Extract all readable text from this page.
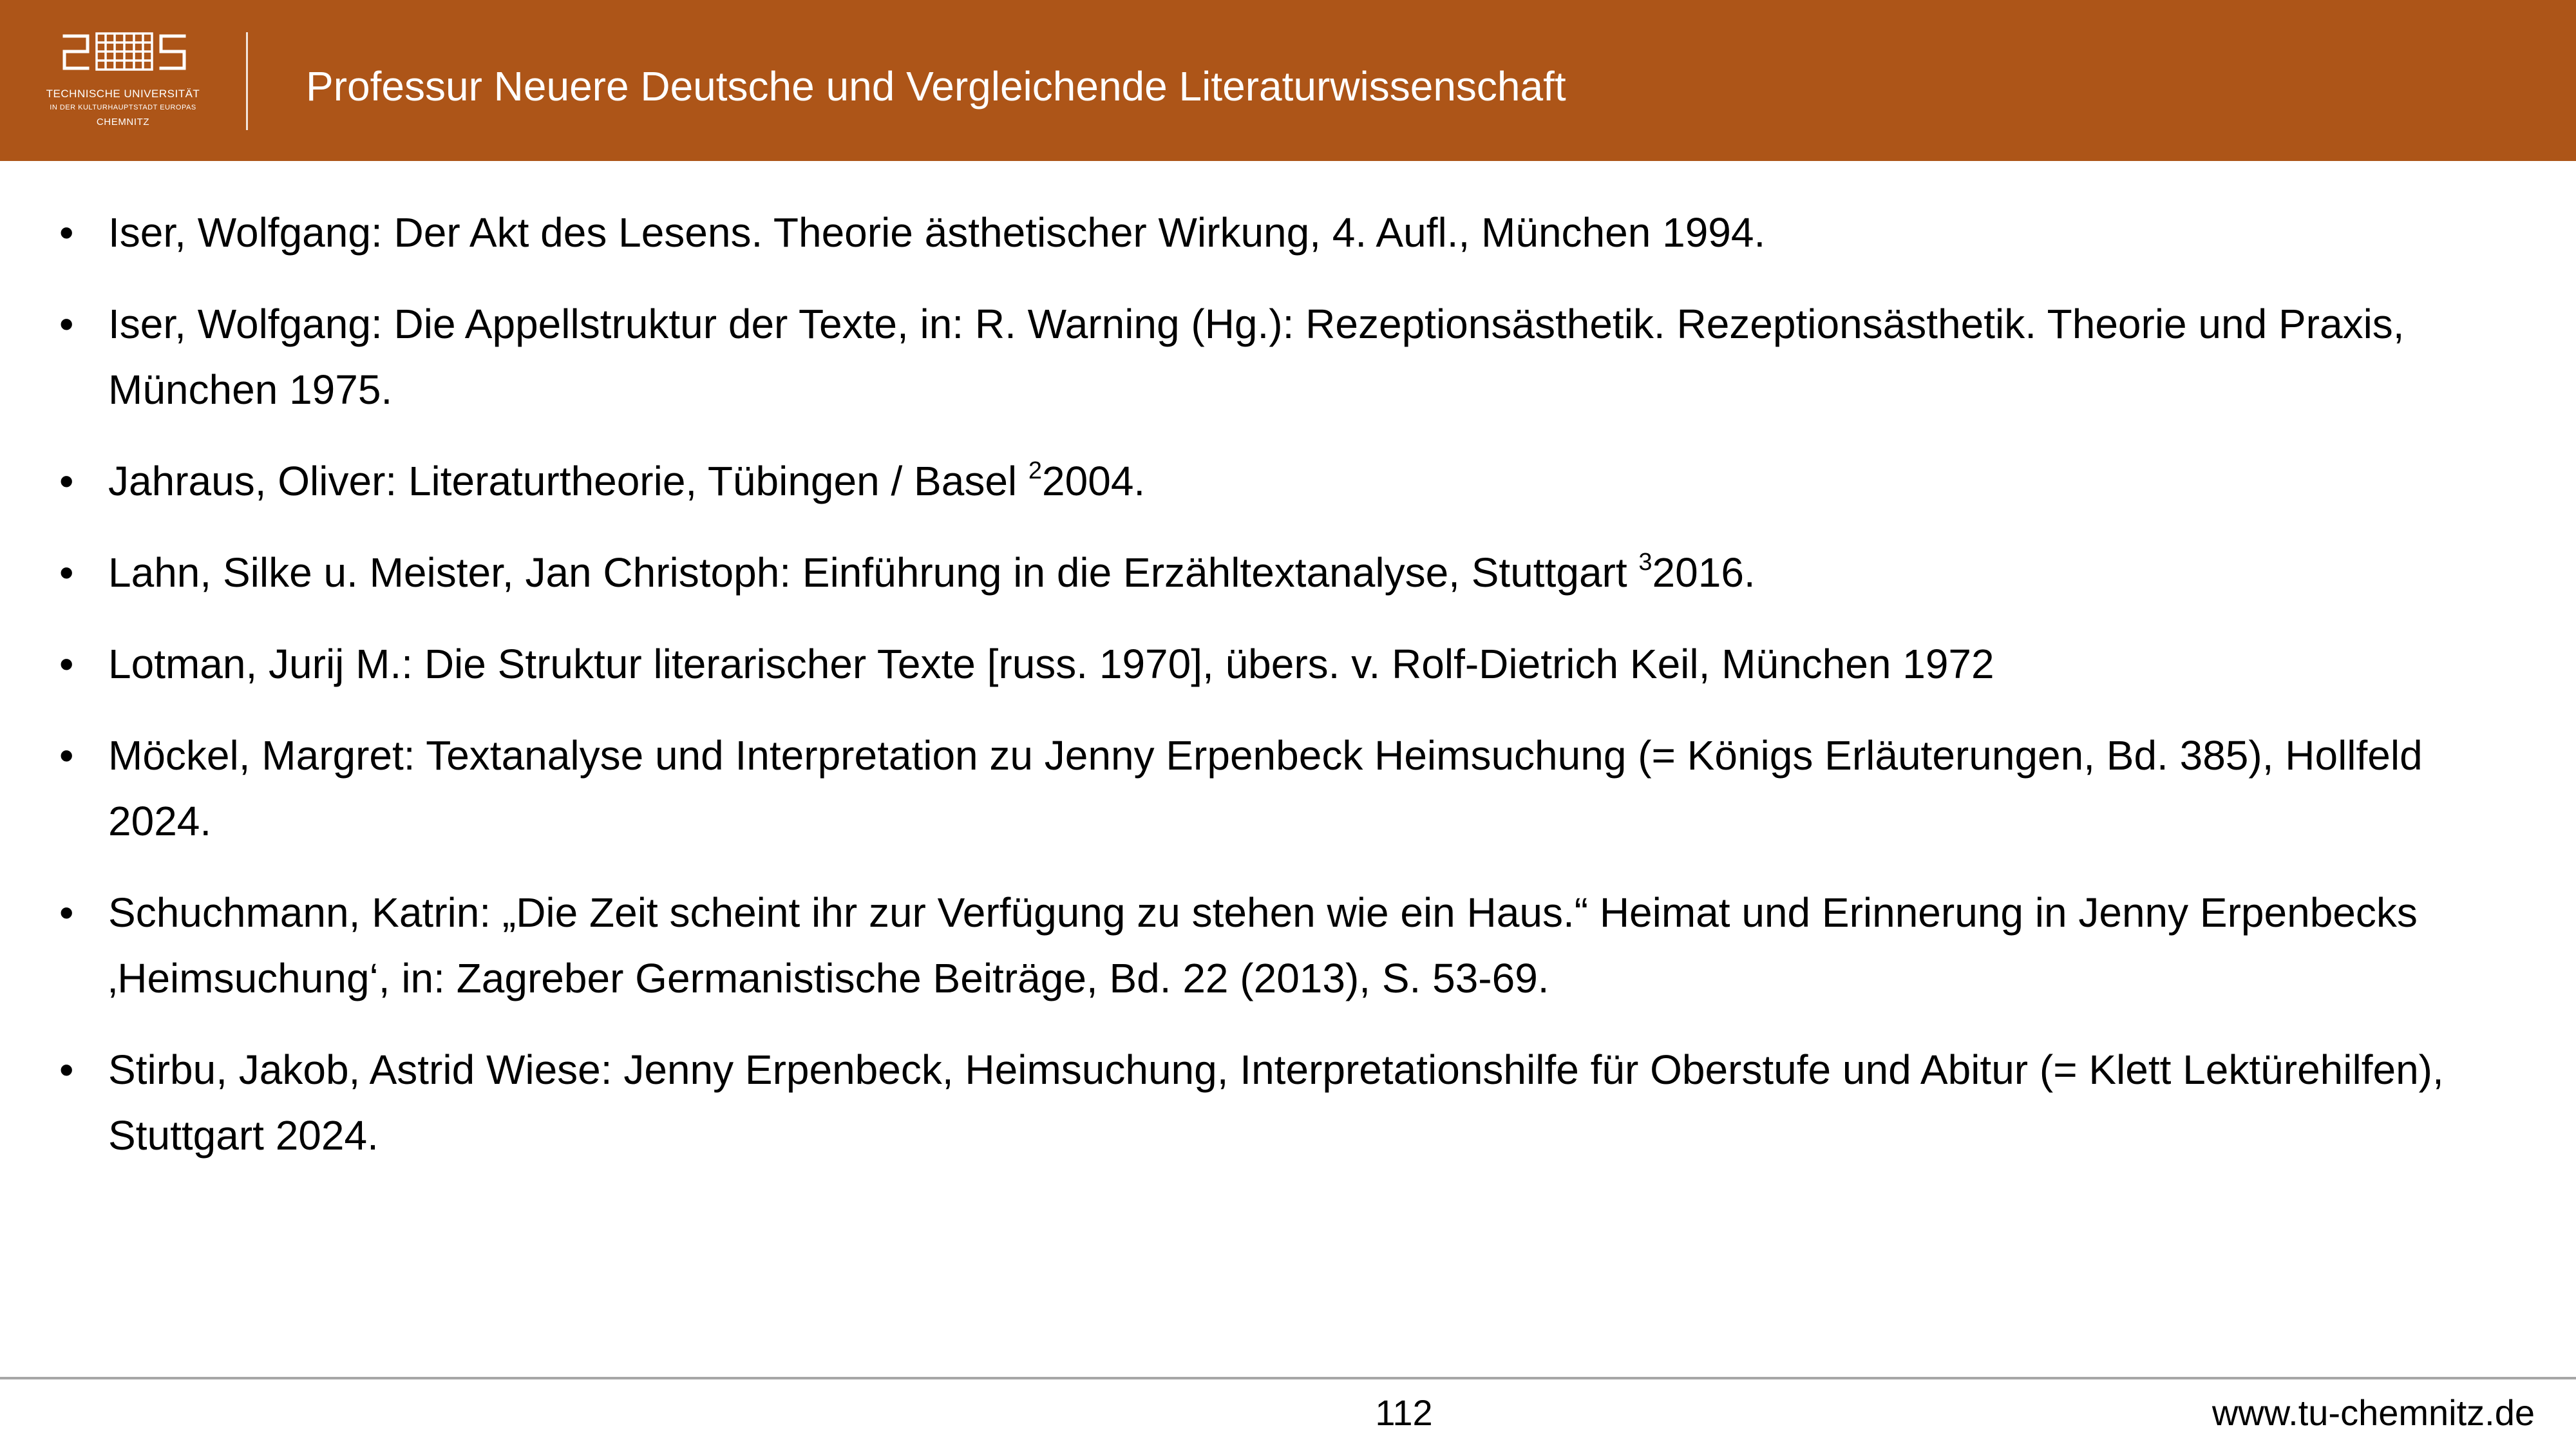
TECHNISCHE UNIVERSITÄT
IN DER KULTURHAUPTSTADT EUROPAS
CHEMNITZ
Professur Neuere Deutsche und Vergleichende Literaturwissenschaft
• Iser, Wolfgang: Der Akt des Lesens. Theorie ästhetischer Wirkung, 4. Aufl., München 1994.
• Iser, Wolfgang: Die Appellstruktur der Texte, in: R. Warning (Hg.): Rezeptionsästhetik. Rezeptionsästhetik. Theorie und Praxis, München 1975.
• Jahraus, Oliver: Literaturtheorie, Tübingen / Basel $^2$2004.
• Lahn, Silke u. Meister, Jan Christoph: Einführung in die Erzähltextanalyse, Stuttgart $^3$2016.
• Lotman, Jurij M.: Die Struktur literarischer Texte [russ. 1970], übers. v. Rolf-Dietrich Keil, München 1972
• Möckel, Margret: Textanalyse und Interpretation zu Jenny Erpenbeck Heimsuchung (= Königs Erläuterungen, Bd. 385), Hollfeld 2024.
• Schuchmann, Katrin: „Die Zeit scheint ihr zur Verfügung zu stehen wie ein Haus.“ Heimat und Erinnerung in Jenny Erpenbecks ‚Heimsuchung‘, in: Zagreber Germanistische Beiträge, Bd. 22 (2013), S. 53-69.
• Stirbu, Jakob, Astrid Wiese: Jenny Erpenbeck, Heimsuchung, Interpretationshilfe für Oberstufe und Abitur (= Klett Lektürehilfen), Stuttgart 2024.
112	www.tu-chemnitz.de
